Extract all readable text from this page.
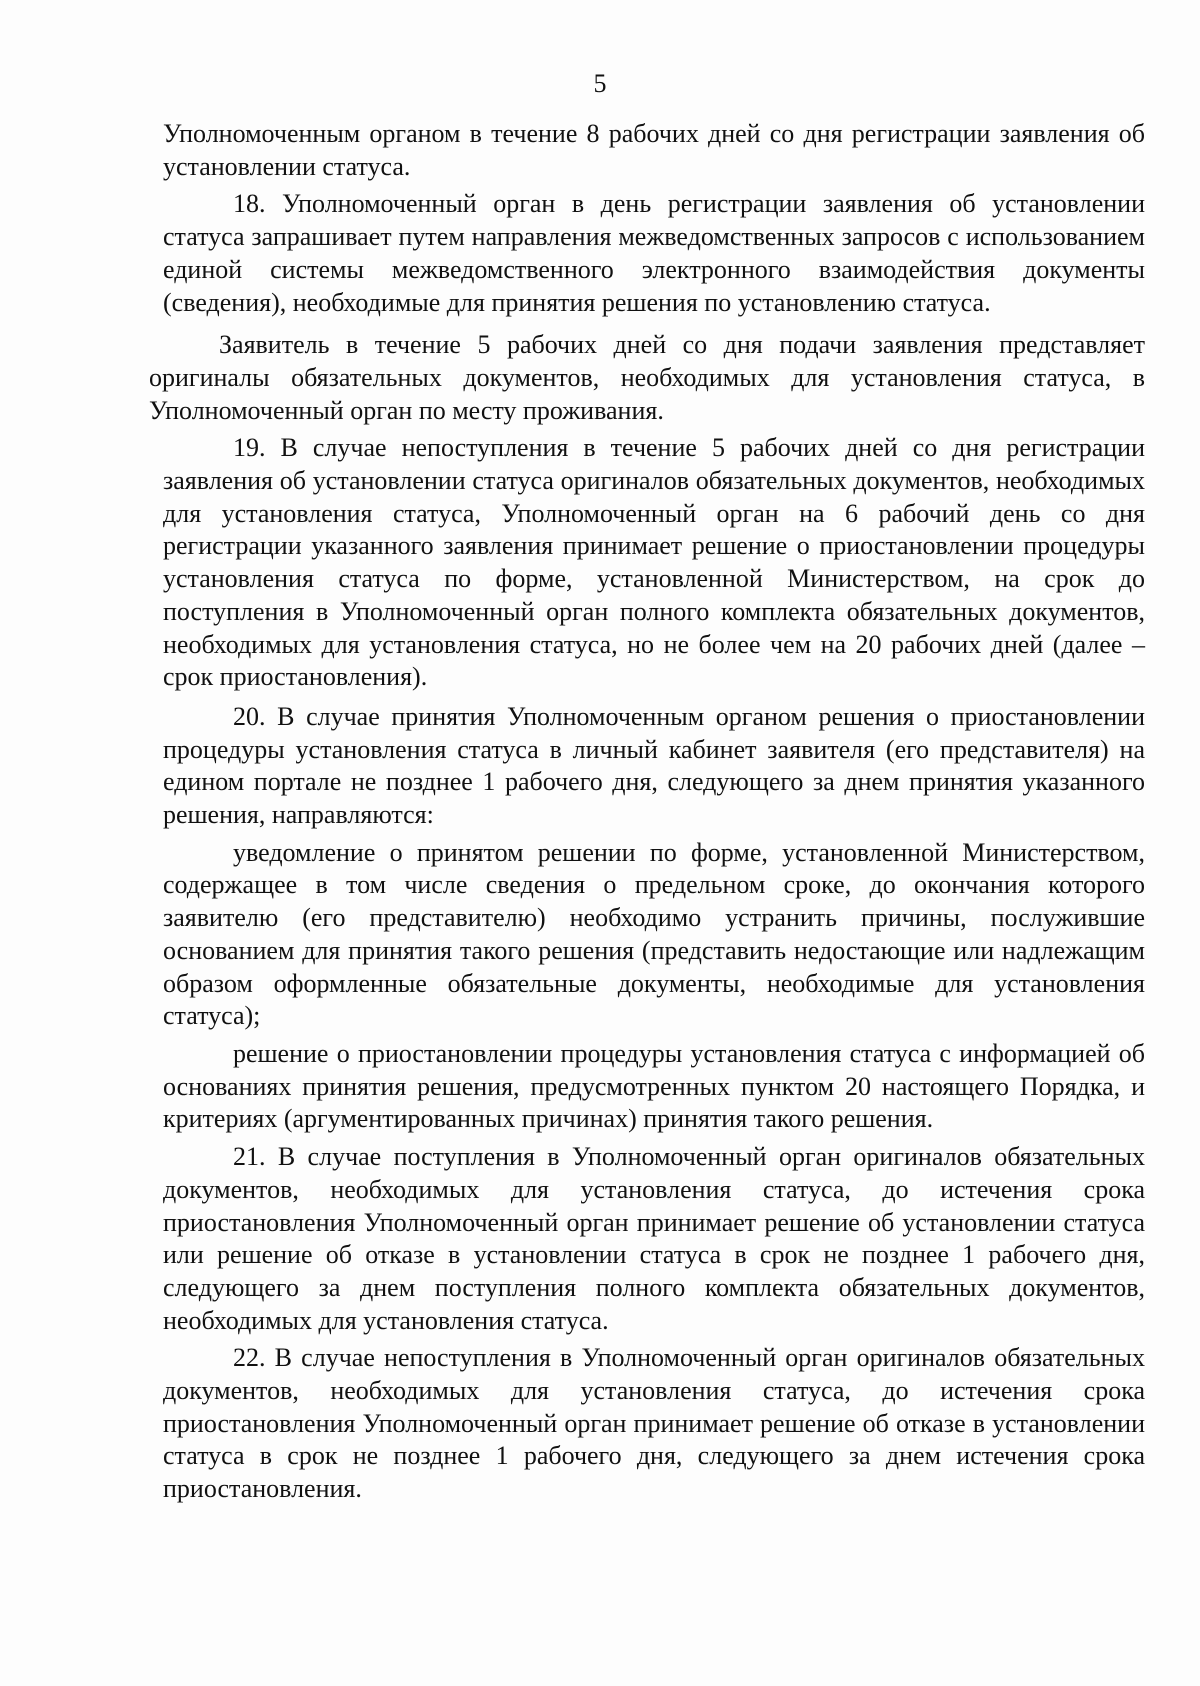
5

Уполномоченным органом в течение 8 рабочих дней со дня регистрации заявления об установлении статуса.

18. Уполномоченный орган в день регистрации заявления об установлении статуса запрашивает путем направления межведомственных запросов с использованием единой системы межведомственного электронного взаимодействия документы (сведения), необходимые для принятия решения по установлению статуса.

Заявитель в течение 5 рабочих дней со дня подачи заявления представляет оригиналы обязательных документов, необходимых для установления статуса, в Уполномоченный орган по месту проживания.

19. В случае непоступления в течение 5 рабочих дней со дня регистрации заявления об установлении статуса оригиналов обязательных документов, необходимых для установления статуса, Уполномоченный орган на 6 рабочий день со дня регистрации указанного заявления принимает решение о приостановлении процедуры установления статуса по форме, установленной Министерством, на срок до поступления в Уполномоченный орган полного комплекта обязательных документов, необходимых для установления статуса, но не более чем на 20 рабочих дней (далее – срок приостановления).

20. В случае принятия Уполномоченным органом решения о приостановлении процедуры установления статуса в личный кабинет заявителя (его представителя) на едином портале не позднее 1 рабочего дня, следующего за днем принятия указанного решения, направляются:

уведомление о принятом решении по форме, установленной Министерством, содержащее в том числе сведения о предельном сроке, до окончания которого заявителю (его представителю) необходимо устранить причины, послужившие основанием для принятия такого решения (представить недостающие или надлежащим образом оформленные обязательные документы, необходимые для установления статуса);

решение о приостановлении процедуры установления статуса с информацией об основаниях принятия решения, предусмотренных пунктом 20 настоящего Порядка, и критериях (аргументированных причинах) принятия такого решения.

21. В случае поступления в Уполномоченный орган оригиналов обязательных документов, необходимых для установления статуса, до истечения срока приостановления Уполномоченный орган принимает решение об установлении статуса или решение об отказе в установлении статуса в срок не позднее 1 рабочего дня, следующего за днем поступления полного комплекта обязательных документов, необходимых для установления статуса.

22. В случае непоступления в Уполномоченный орган оригиналов обязательных документов, необходимых для установления статуса, до истечения срока приостановления Уполномоченный орган принимает решение об отказе в установлении статуса в срок не позднее 1 рабочего дня, следующего за днем истечения срока приостановления.
